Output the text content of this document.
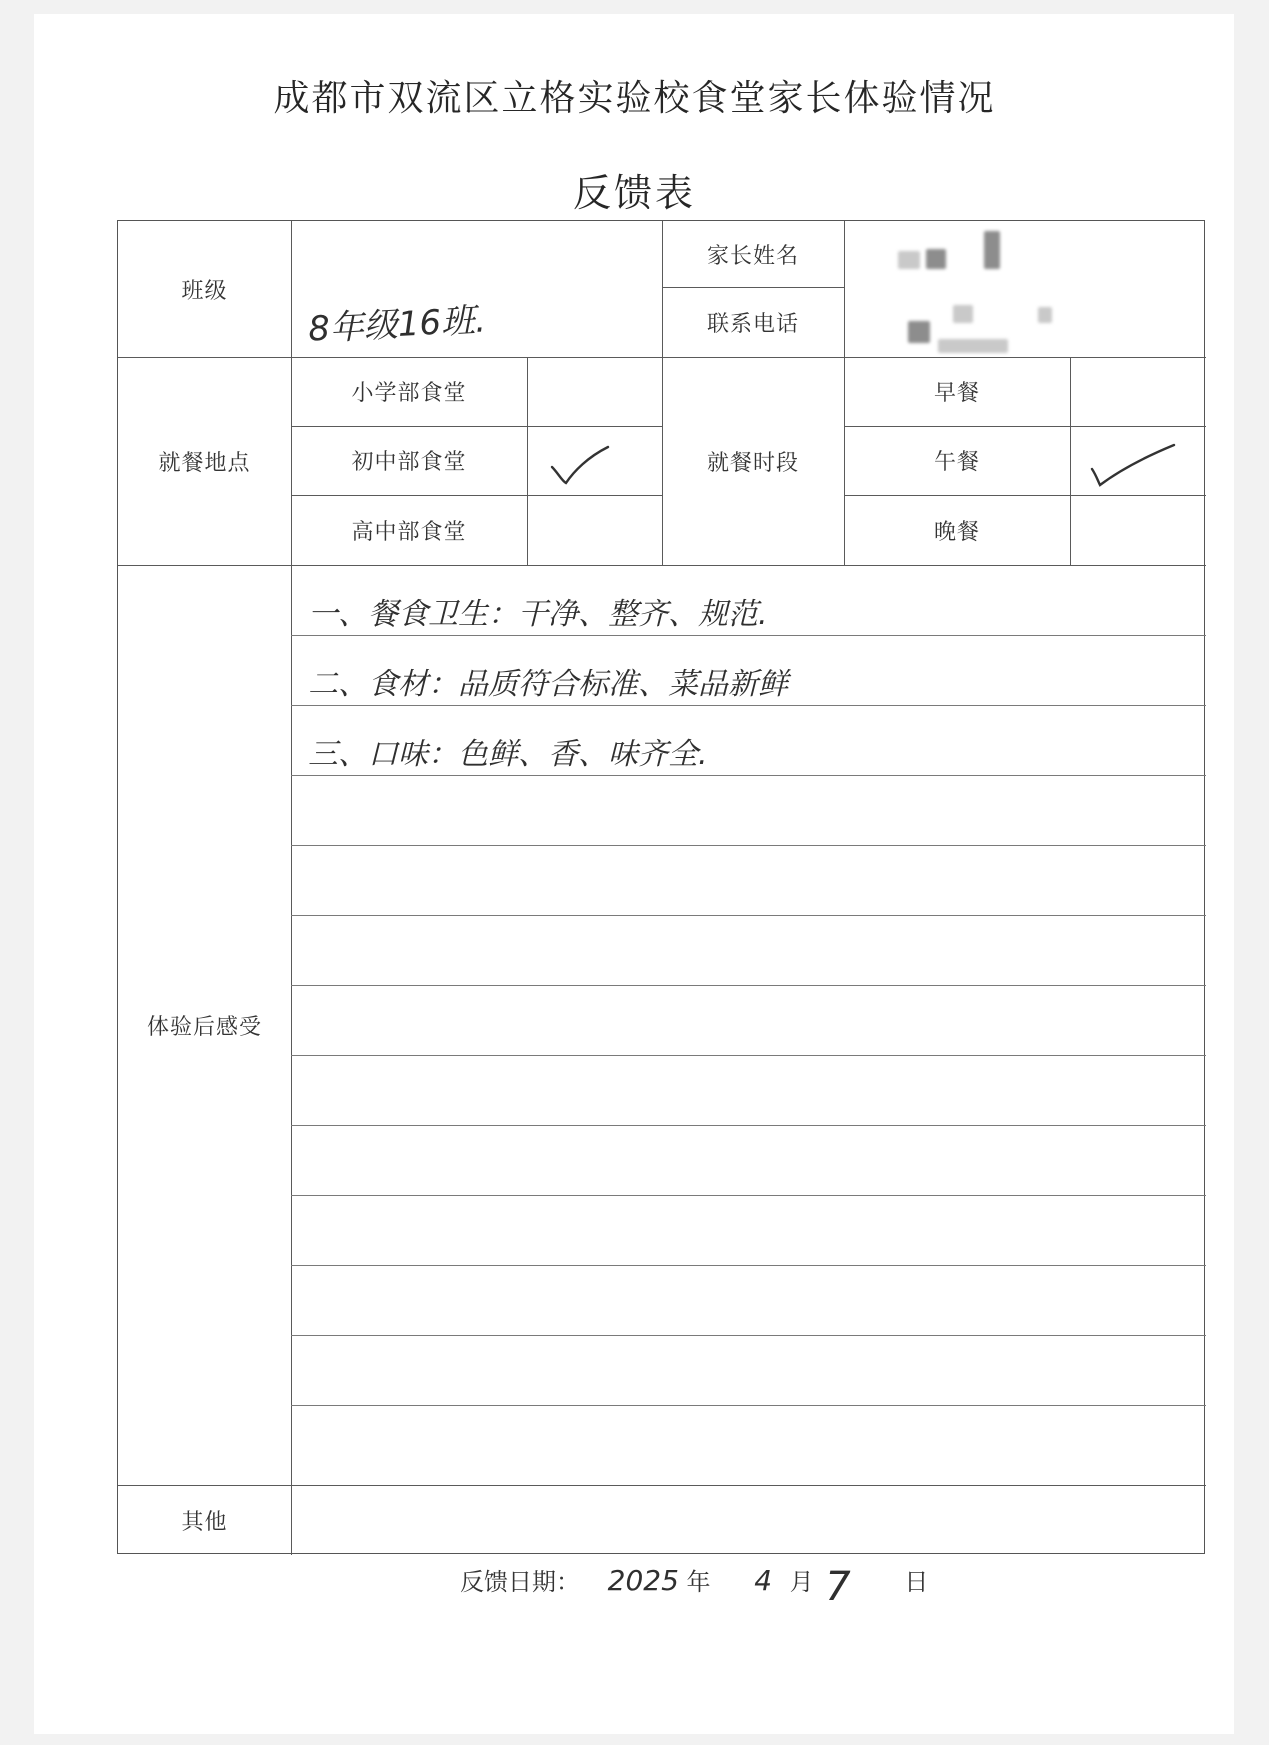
成都市双流区立格实验校食堂家长体验情况
反馈表
班级
8年级16班.
家长姓名
联系电话
就餐地点
小学部食堂
初中部食堂
高中部食堂
就餐时段
早餐
午餐
晚餐
体验后感受
一、餐食卫生：干净、整齐、规范.
二、食材：品质符合标准、菜品新鲜
三、口味：色鲜、香、味齐全.
其他
反馈日期： 2025 年 4 月 7 日
